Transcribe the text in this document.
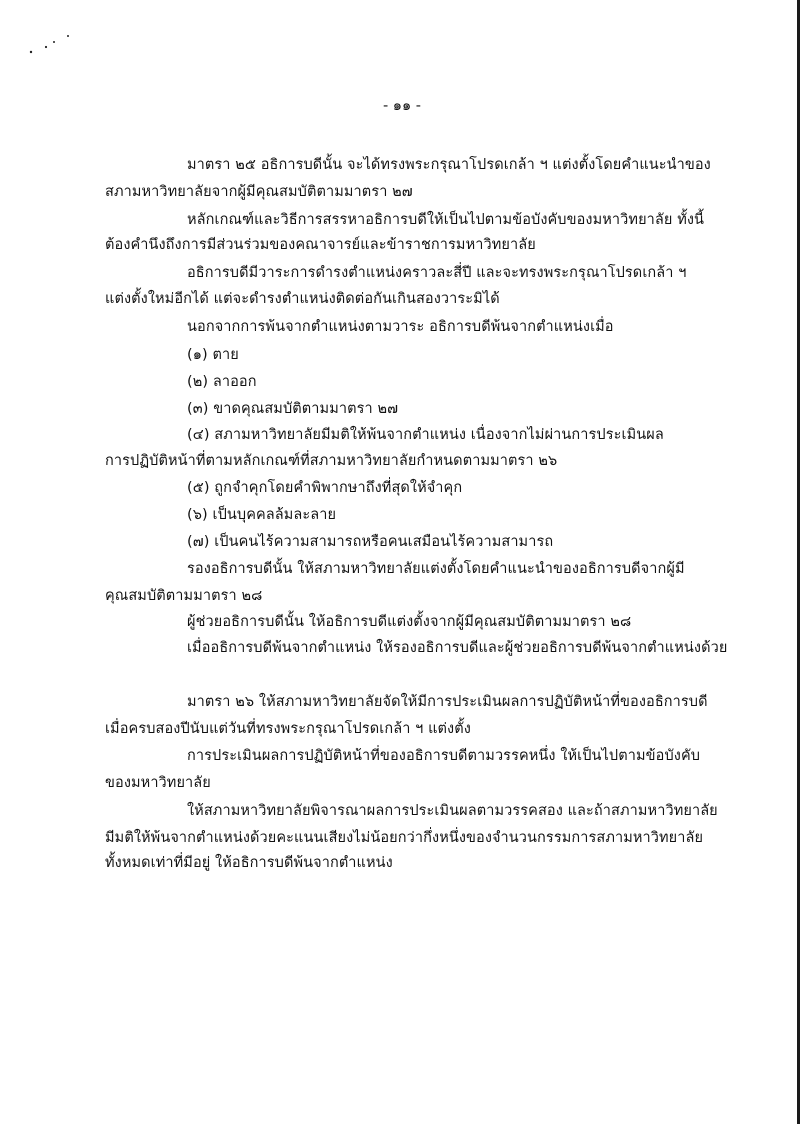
- ๑๑ -
มาตรา ๒๕ อธิการบดีนั้น จะได้ทรงพระกรุณาโปรดเกล้า ฯ แต่งตั้งโดยคำแนะนำของ
สภามหาวิทยาลัยจากผู้มีคุณสมบัติตามมาตรา ๒๗
หลักเกณฑ์และวิธีการสรรหาอธิการบดีให้เป็นไปตามข้อบังคับของมหาวิทยาลัย ทั้งนี้
ต้องคำนึงถึงการมีส่วนร่วมของคณาจารย์และข้าราชการมหาวิทยาลัย
อธิการบดีมีวาระการดำรงตำแหน่งคราวละสี่ปี และจะทรงพระกรุณาโปรดเกล้า ฯ
แต่งตั้งใหม่อีกได้ แต่จะดำรงตำแหน่งติดต่อกันเกินสองวาระมิได้
นอกจากการพ้นจากตำแหน่งตามวาระ อธิการบดีพ้นจากตำแหน่งเมื่อ
(๑) ตาย
(๒) ลาออก
(๓) ขาดคุณสมบัติตามมาตรา ๒๗
(๔) สภามหาวิทยาลัยมีมติให้พ้นจากตำแหน่ง เนื่องจากไม่ผ่านการประเมินผล
การปฏิบัติหน้าที่ตามหลักเกณฑ์ที่สภามหาวิทยาลัยกำหนดตามมาตรา ๒๖
(๕) ถูกจำคุกโดยคำพิพากษาถึงที่สุดให้จำคุก
(๖) เป็นบุคคลล้มละลาย
(๗) เป็นคนไร้ความสามารถหรือคนเสมือนไร้ความสามารถ
รองอธิการบดีนั้น ให้สภามหาวิทยาลัยแต่งตั้งโดยคำแนะนำของอธิการบดีจากผู้มี
คุณสมบัติตามมาตรา ๒๘
ผู้ช่วยอธิการบดีนั้น ให้อธิการบดีแต่งตั้งจากผู้มีคุณสมบัติตามมาตรา ๒๘
เมื่ออธิการบดีพ้นจากตำแหน่ง ให้รองอธิการบดีและผู้ช่วยอธิการบดีพ้นจากตำแหน่งด้วย
มาตรา ๒๖ ให้สภามหาวิทยาลัยจัดให้มีการประเมินผลการปฏิบัติหน้าที่ของอธิการบดี
เมื่อครบสองปีนับแต่วันที่ทรงพระกรุณาโปรดเกล้า ฯ แต่งตั้ง
การประเมินผลการปฏิบัติหน้าที่ของอธิการบดีตามวรรคหนึ่ง ให้เป็นไปตามข้อบังคับ
ของมหาวิทยาลัย
ให้สภามหาวิทยาลัยพิจารณาผลการประเมินผลตามวรรคสอง และถ้าสภามหาวิทยาลัย
มีมติให้พ้นจากตำแหน่งด้วยคะแนนเสียงไม่น้อยกว่ากึ่งหนึ่งของจำนวนกรรมการสภามหาวิทยาลัย
ทั้งหมดเท่าที่มีอยู่ ให้อธิการบดีพ้นจากตำแหน่ง
